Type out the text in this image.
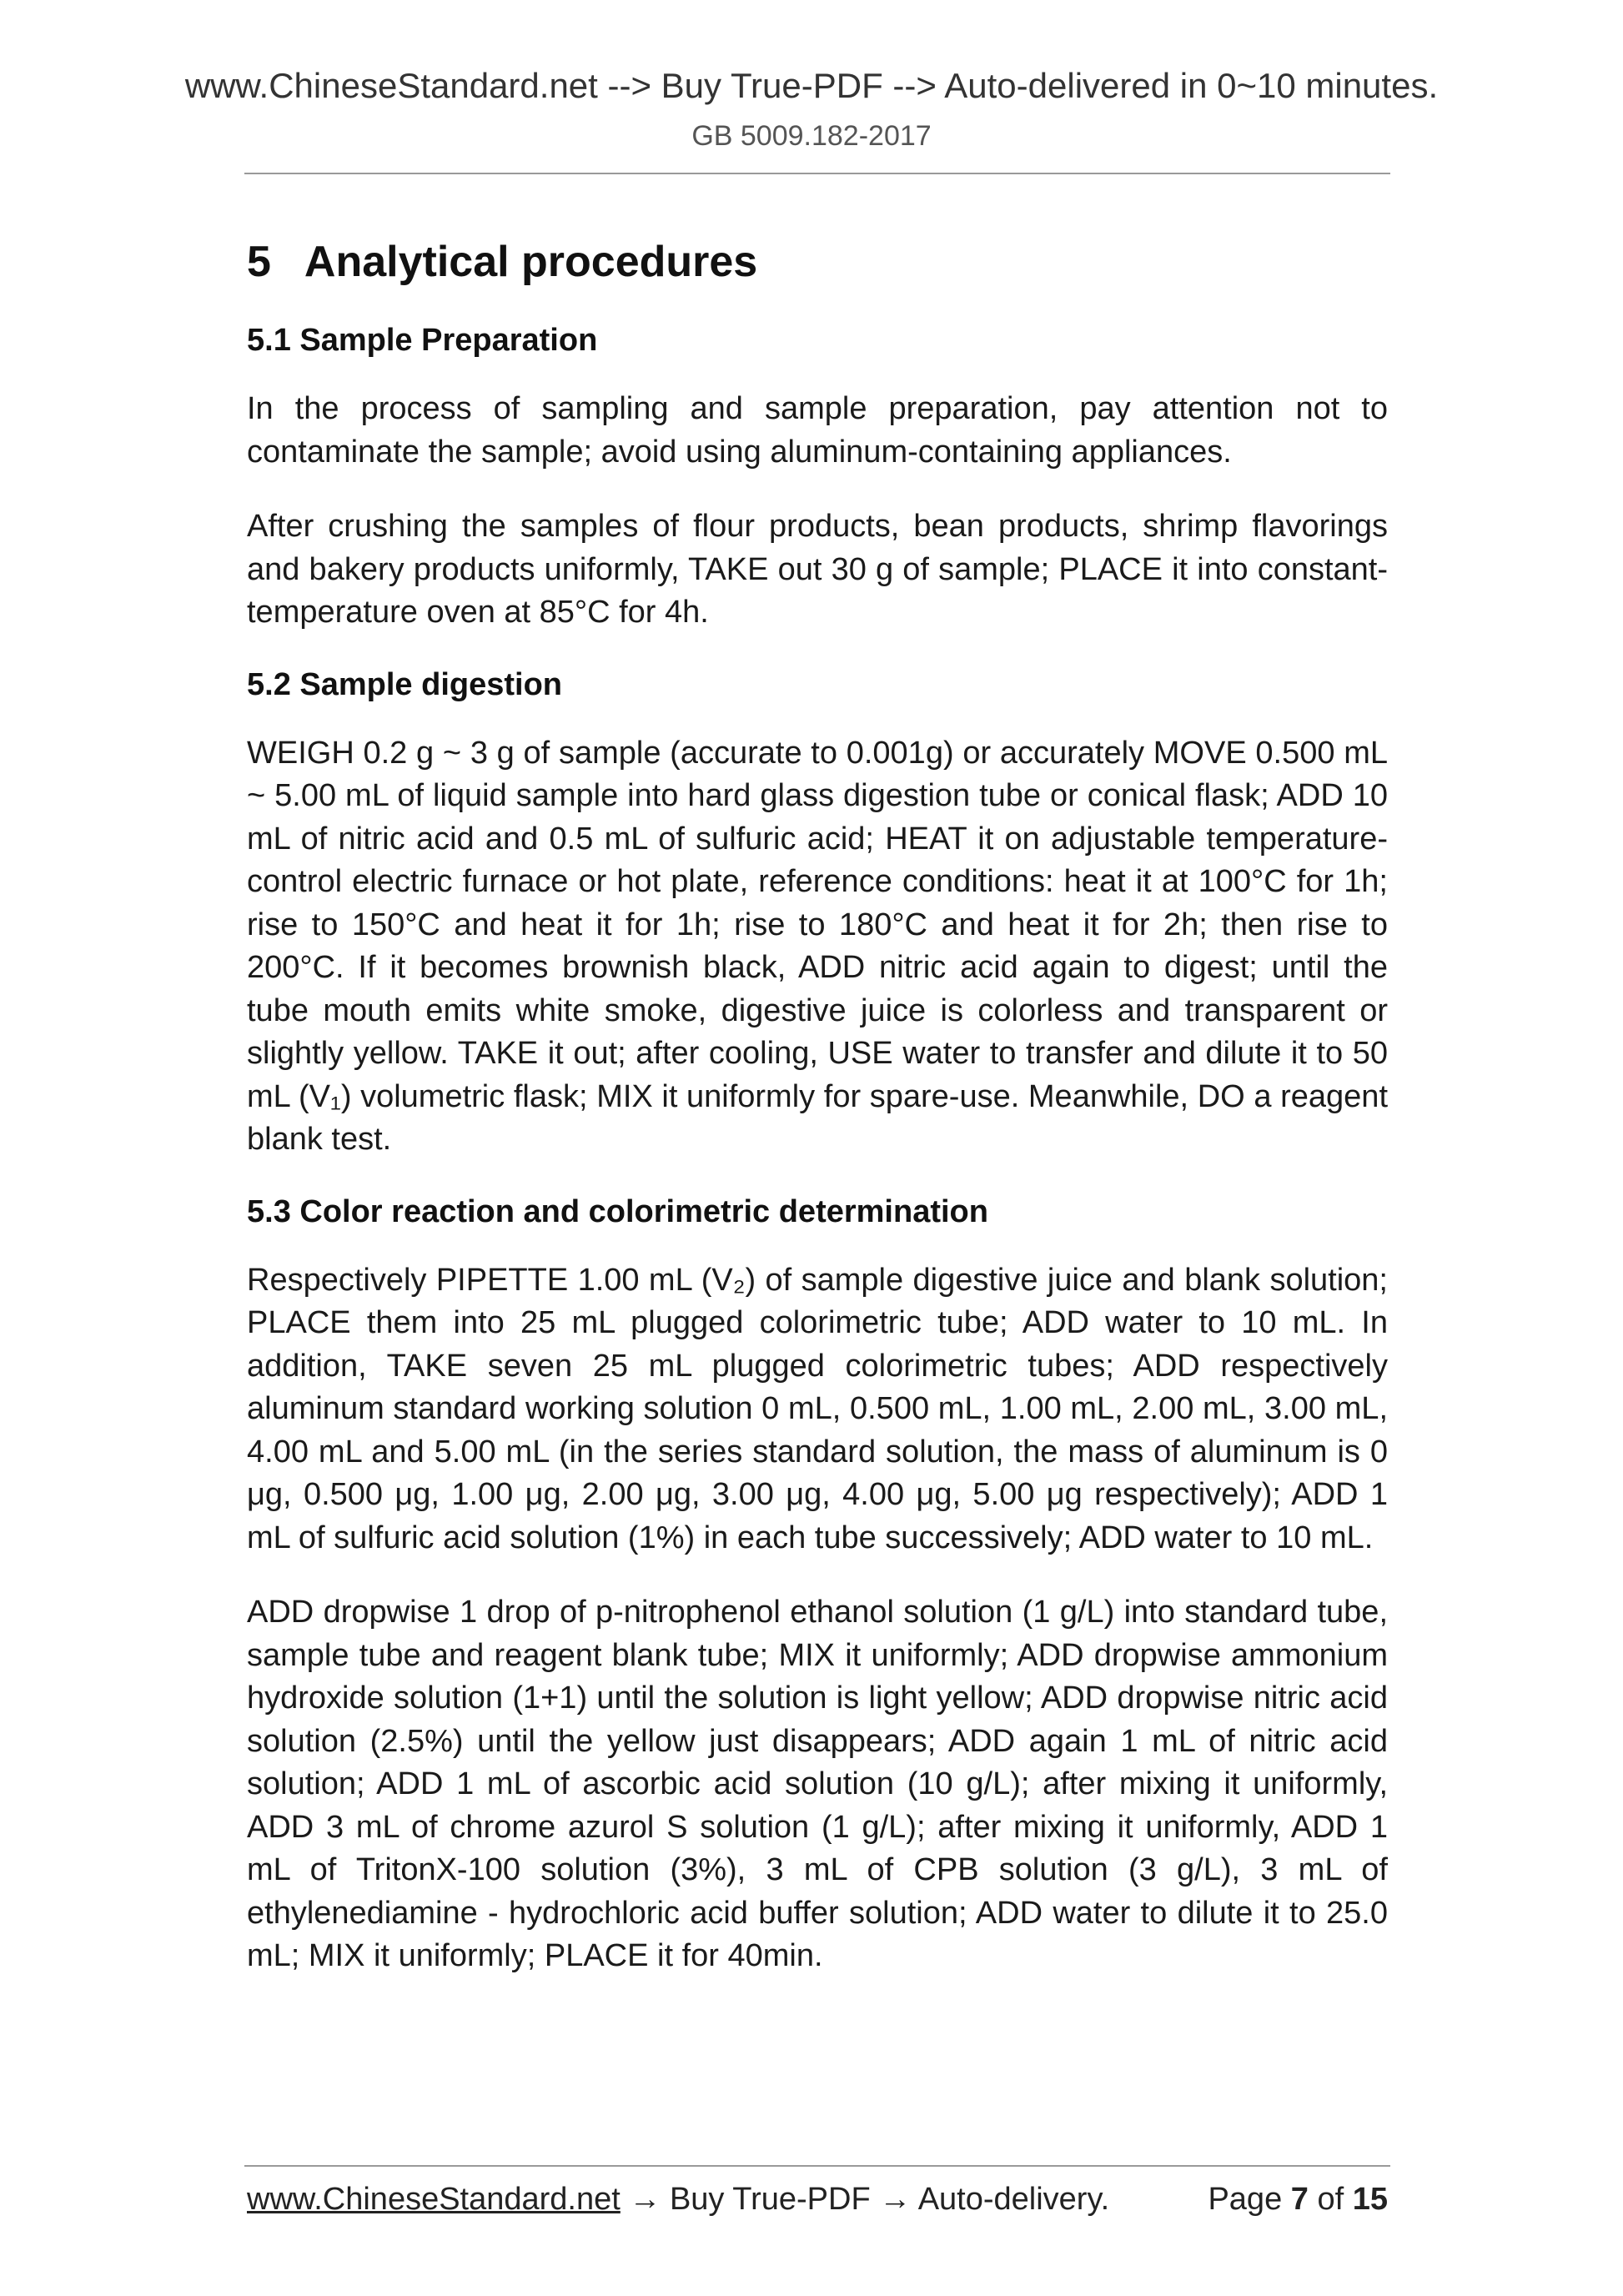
www.ChineseStandard.net --> Buy True-PDF --> Auto-delivered in 0~10 minutes.
GB 5009.182-2017
5 Analytical procedures
5.1 Sample Preparation

In the process of sampling and sample preparation, pay attention not to contaminate the sample; avoid using aluminum-containing appliances.

After crushing the samples of flour products, bean products, shrimp flavorings and bakery products uniformly, TAKE out 30 g of sample; PLACE it into constant-temperature oven at 85°C for 4h.

5.2 Sample digestion

WEIGH 0.2 g ~ 3 g of sample (accurate to 0.001g) or accurately MOVE 0.500 mL ~ 5.00 mL of liquid sample into hard glass digestion tube or conical flask; ADD 10 mL of nitric acid and 0.5 mL of sulfuric acid; HEAT it on adjustable temperature-control electric furnace or hot plate, reference conditions: heat it at 100°C for 1h; rise to 150°C and heat it for 1h; rise to 180°C and heat it for 2h; then rise to 200°C. If it becomes brownish black, ADD nitric acid again to digest; until the tube mouth emits white smoke, digestive juice is colorless and transparent or slightly yellow. TAKE it out; after cooling, USE water to transfer and dilute it to 50 mL (V₁) volumetric flask; MIX it uniformly for spare-use. Meanwhile, DO a reagent blank test.

5.3 Color reaction and colorimetric determination

Respectively PIPETTE 1.00 mL (V₂) of sample digestive juice and blank solution; PLACE them into 25 mL plugged colorimetric tube; ADD water to 10 mL. In addition, TAKE seven 25 mL plugged colorimetric tubes; ADD respectively aluminum standard working solution 0 mL, 0.500 mL, 1.00 mL, 2.00 mL, 3.00 mL, 4.00 mL and 5.00 mL (in the series standard solution, the mass of aluminum is 0 μg, 0.500 μg, 1.00 μg, 2.00 μg, 3.00 μg, 4.00 μg, 5.00 μg respectively); ADD 1 mL of sulfuric acid solution (1%) in each tube successively; ADD water to 10 mL.

ADD dropwise 1 drop of p-nitrophenol ethanol solution (1 g/L) into standard tube, sample tube and reagent blank tube; MIX it uniformly; ADD dropwise ammonium hydroxide solution (1+1) until the solution is light yellow; ADD dropwise nitric acid solution (2.5%) until the yellow just disappears; ADD again 1 mL of nitric acid solution; ADD 1 mL of ascorbic acid solution (10 g/L); after mixing it uniformly, ADD 3 mL of chrome azurol S solution (1 g/L); after mixing it uniformly, ADD 1 mL of TritonX-100 solution (3%), 3 mL of CPB solution (3 g/L), 3 mL of ethylenediamine - hydrochloric acid buffer solution; ADD water to dilute it to 25.0 mL; MIX it uniformly; PLACE it for 40min.

www.ChineseStandard.net → Buy True-PDF → Auto-delivery.	Page 7 of 15
